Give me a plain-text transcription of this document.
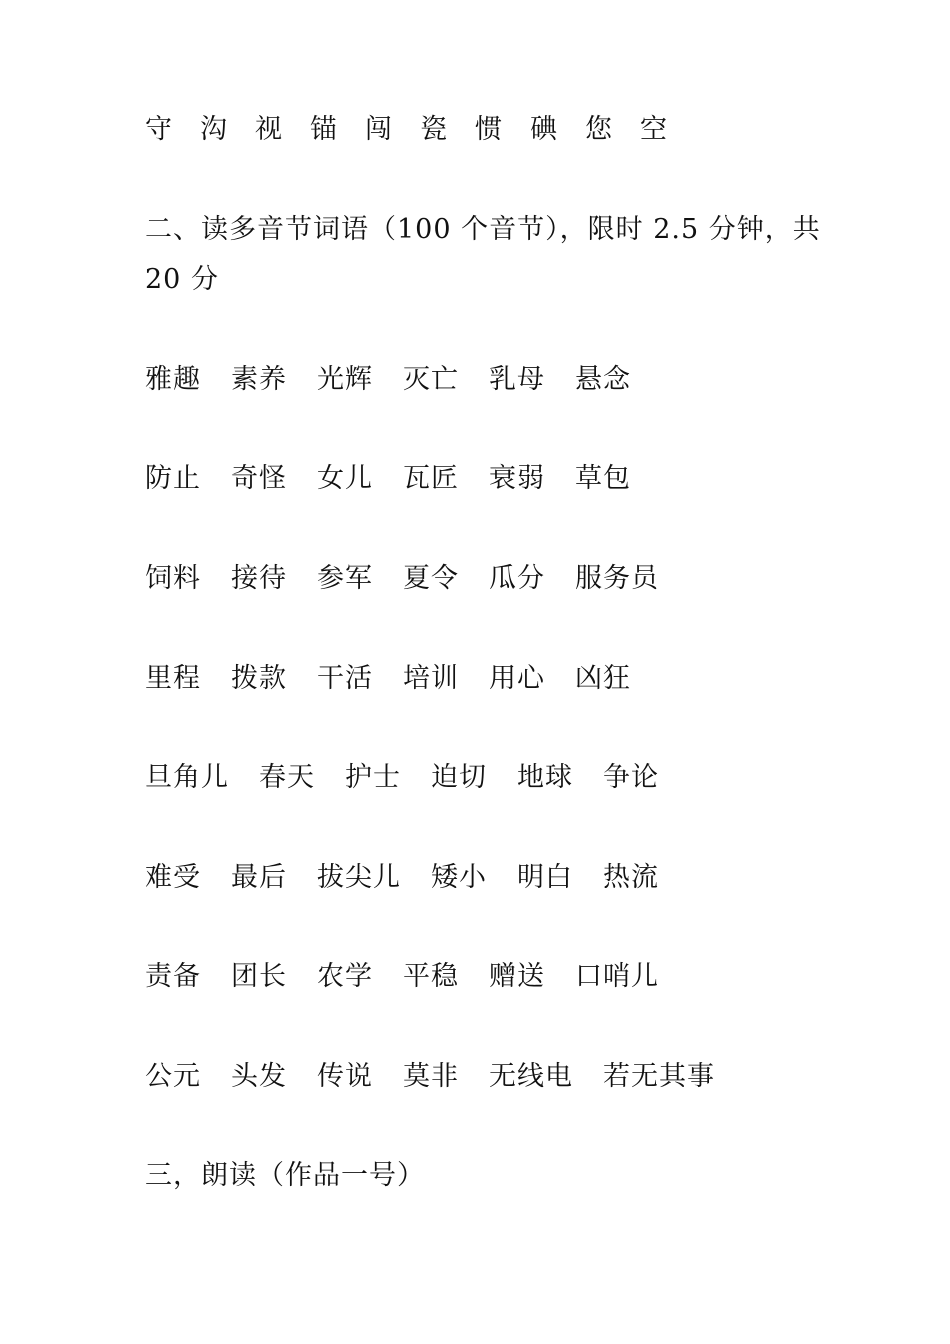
守 沟 视 锚 闯 瓷 惯 碘 您 空
二、读多音节词语（100 个音节），限时 2.5 分钟，共
20 分
雅趣 素养 光辉 灭亡 乳母 悬念
防止 奇怪 女儿 瓦匠 衰弱 草包
饲料 接待 参军 夏令 瓜分 服务员
里程 拨款 干活 培训 用心 凶狂
旦角儿 春天 护士 迫切 地球 争论
难受 最后 拔尖儿 矮小 明白 热流
责备 团长 农学 平稳 赠送 口哨儿
公元 头发 传说 莫非 无线电 若无其事
三，朗读（作品一号）
